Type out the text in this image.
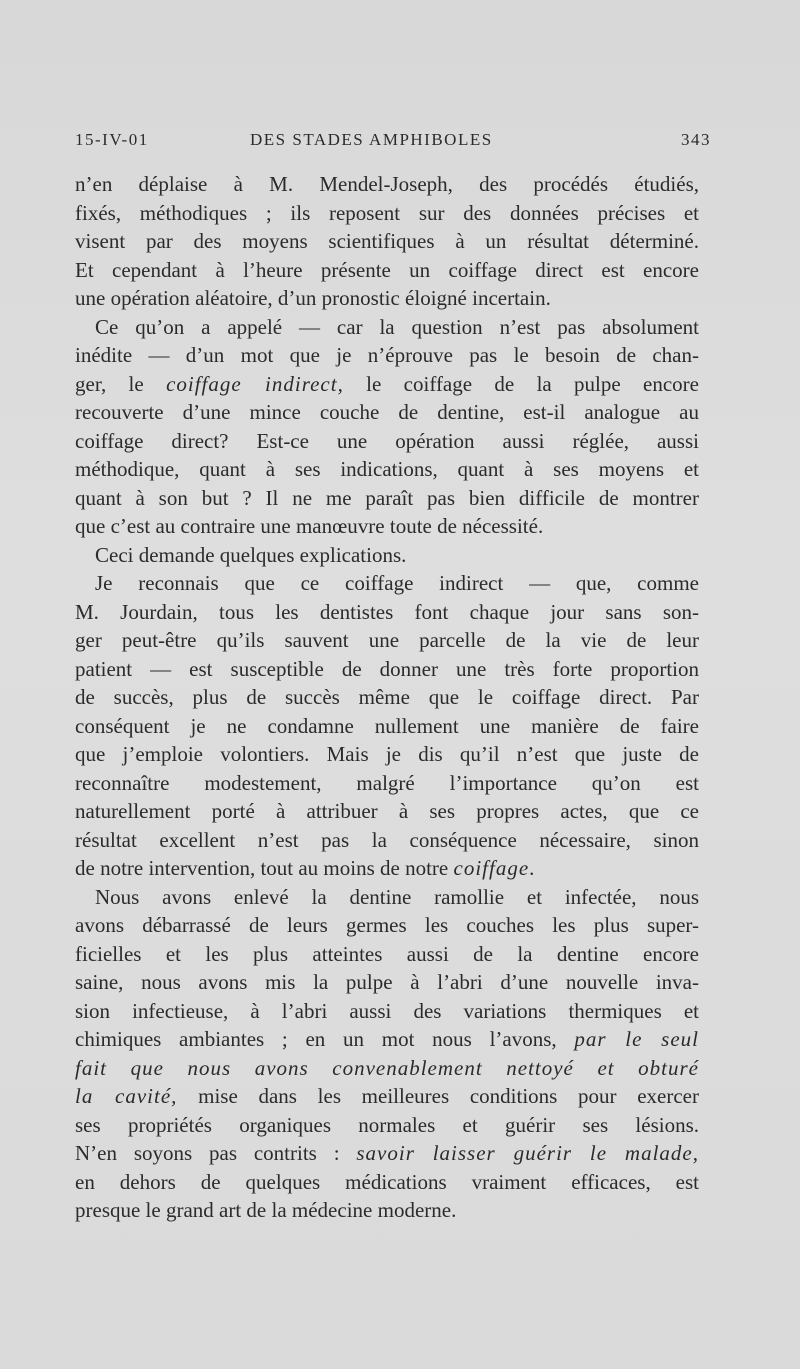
15-IV-01	DES STADES AMPHIBOLES	343
n’en déplaise à M. Mendel-Joseph, des procédés étudiés,
fixés, méthodiques ; ils reposent sur des données précises et
visent par des moyens scientifiques à un résultat déterminé.
Et cependant à l’heure présente un coiffage direct est encore
une opération aléatoire, d’un pronostic éloigné incertain.
Ce qu’on a appelé — car la question n’est pas absolument
inédite — d’un mot que je n’éprouve pas le besoin de chan-
ger, le coiffage indirect, le coiffage de la pulpe encore
recouverte d’une mince couche de dentine, est-il analogue au
coiffage direct? Est-ce une opération aussi réglée, aussi
méthodique, quant à ses indications, quant à ses moyens et
quant à son but ? Il ne me paraît pas bien difficile de montrer
que c’est au contraire une manœuvre toute de nécessité.
Ceci demande quelques explications.
Je reconnais que ce coiffage indirect — que, comme
M. Jourdain, tous les dentistes font chaque jour sans son-
ger peut-être qu’ils sauvent une parcelle de la vie de leur
patient — est susceptible de donner une très forte proportion
de succès, plus de succès même que le coiffage direct. Par
conséquent je ne condamne nullement une manière de faire
que j’emploie volontiers. Mais je dis qu’il n’est que juste de
reconnaître modestement, malgré l’importance qu’on est
naturellement porté à attribuer à ses propres actes, que ce
résultat excellent n’est pas la conséquence nécessaire, sinon
de notre intervention, tout au moins de notre coiffage.
Nous avons enlevé la dentine ramollie et infectée, nous
avons débarrassé de leurs germes les couches les plus super-
ficielles et les plus atteintes aussi de la dentine encore
saine, nous avons mis la pulpe à l’abri d’une nouvelle inva-
sion infectieuse, à l’abri aussi des variations thermiques et
chimiques ambiantes ; en un mot nous l’avons, par le seul
fait que nous avons convenablement nettoyé et obturé
la cavité, mise dans les meilleures conditions pour exercer
ses propriétés organiques normales et guérir ses lésions.
N’en soyons pas contrits : savoir laisser guérir le malade,
en dehors de quelques médications vraiment efficaces, est
presque le grand art de la médecine moderne.
